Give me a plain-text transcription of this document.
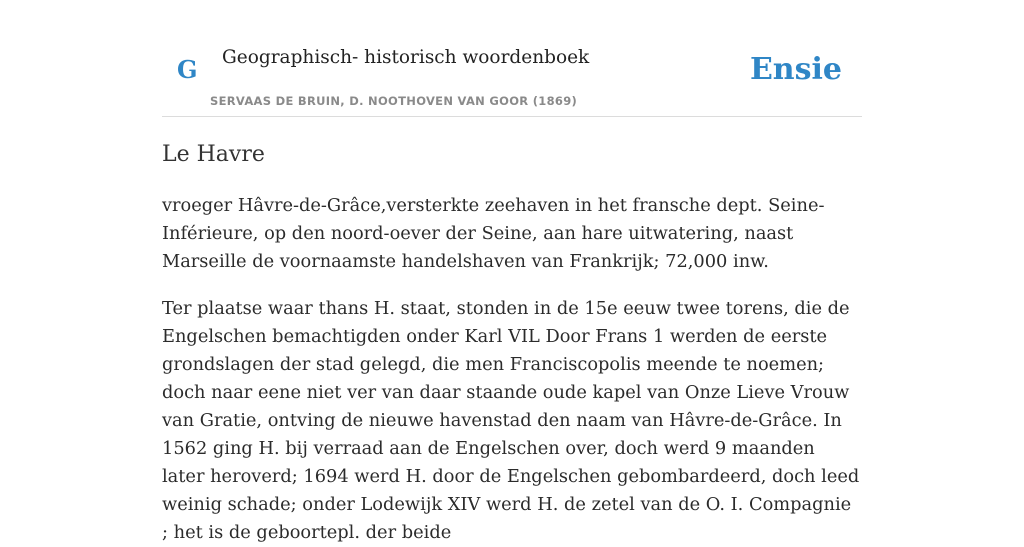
G Geographisch- historisch woordenboek
SERVAAS DE BRUIN, D. NOOTHOVEN VAN GOOR (1869)
Ensie
Le Havre

vroeger Hâvre-de-Grâce,versterkte zeehaven in het fransche dept. Seine-Inférieure, op den noord-oever der Seine, aan hare uitwatering, naast Marseille de voornaamste handelshaven van Frankrijk; 72,000 inw.

Ter plaatse waar thans H. staat, stonden in de 15e eeuw twee torens, die de Engelschen bemachtigden onder Karl VIL Door Frans 1 werden de eerste grondslagen der stad gelegd, die men Franciscopolis meende te noemen; doch naar eene niet ver van daar staande oude kapel van Onze Lieve Vrouw van Gratie, ontving de nieuwe havenstad den naam van Hâvre-de-Grâce. In 1562 ging H. bij verraad aan de Engelschen over, doch werd 9 maanden later heroverd; 1694 werd H. door de Engelschen gebombardeerd, doch leed weinig schade; onder Lodewijk XIV werd H. de zetel van de O. I. Compagnie ; het is de geboortepl. der beide
